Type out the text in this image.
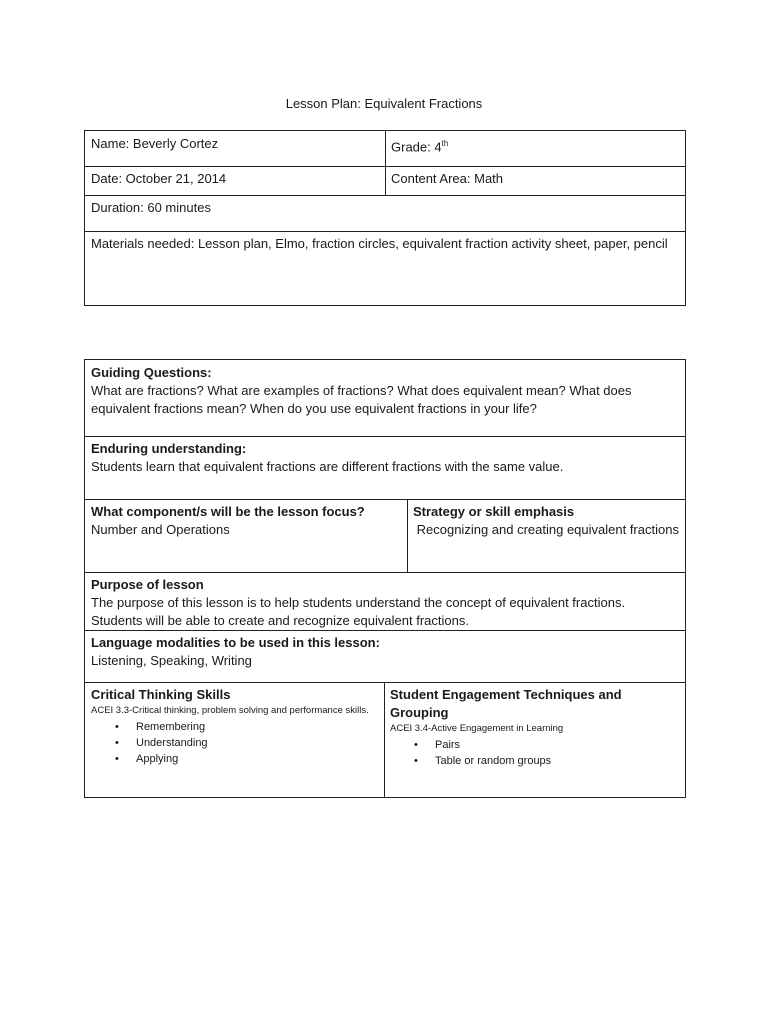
Lesson Plan: Equivalent Fractions
Name: Beverly Cortez	Grade: 4th
Date: October 21, 2014	Content Area: Math
Duration: 60 minutes
Materials needed: Lesson plan, Elmo, fraction circles, equivalent fraction activity sheet, paper, pencil
Guiding Questions:
What are fractions? What are examples of fractions? What does equivalent mean? What does equivalent fractions mean? When do you use equivalent fractions in your life?
Enduring understanding:
Students learn that equivalent fractions are different fractions with the same value.
What component/s will be the lesson focus?
Number and Operations
Strategy or skill emphasis
Recognizing and creating equivalent fractions
Purpose of lesson
The purpose of this lesson is to help students understand the concept of equivalent fractions. Students will be able to create and recognize equivalent fractions.
Language modalities to be used in this lesson:
Listening, Speaking, Writing
Critical Thinking Skills
ACEI 3.3-Critical thinking, problem solving and performance skills.
• Remembering
• Understanding
• Applying
Student Engagement Techniques and Grouping
ACEI 3.4-Active Engagement in Learning
• Pairs
• Table or random groups
